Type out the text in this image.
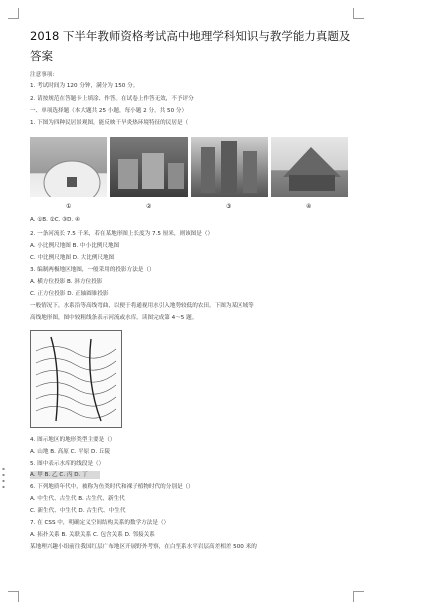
2018 下半年教师资格考试高中地理学科知识与教学能力真题及答案
注意事项:
1. 考试时间为 120 分钟，满分为 150 分。
2. 请按规范在答题卡上填涂、作答。在试卷上作答无效，不予评分
一、单项选择题（本大题共 25 小题，每小题 2 分，共 50 分）
1. 下图为四种民居景观图，能反映干旱炎热环境特征的民居是（
①	②	③	④
A. ①B. ②C. ③D. ④
2. 一条河流长 7.5 千米，若在某地形图上长度为 7.5 厘米，则该图是（）
A. 小比例尺地图 B. 中小比例尺地图
C. 中比例尺地图 D. 大比例尺地图
3. 编制两极地区地图，一般采用的投影方法是（）
A. 横方位投影 B. 斜方位投影
C. 正方位投影 D. 正轴圆锥投影
一般情况下，水系沿等高线弯曲，以便于将通视用水引入地势较低的农田。下图为某区域等
高线地形图，图中较粗线条表示河流或水库。读图完成第 4～5 题。
4. 图示地区的地形类型主要是（）
A. 山地 B. 高原 C. 平原 D. 丘陵
5. 图中表示水库的线段是（）
A. 甲 B. 乙 C. 丙 D. 丁
6. 下列地质年代中，被称为鱼类时代和裸子植物时代的分别是（）
A. 中生代、古生代 B. 古生代、新生代
C. 新生代、中生代 D. 古生代、中生代
7. 在 CSS 中，明确定义空间结构关系的数学方法是（）
A. 拓扑关系 B. 关联关系 C. 包含关系 D. 邻接关系
某地理兴趣小组前往我国红层广布地区开展野外考察，在白垩系水平岩层高差相差 500 米的
